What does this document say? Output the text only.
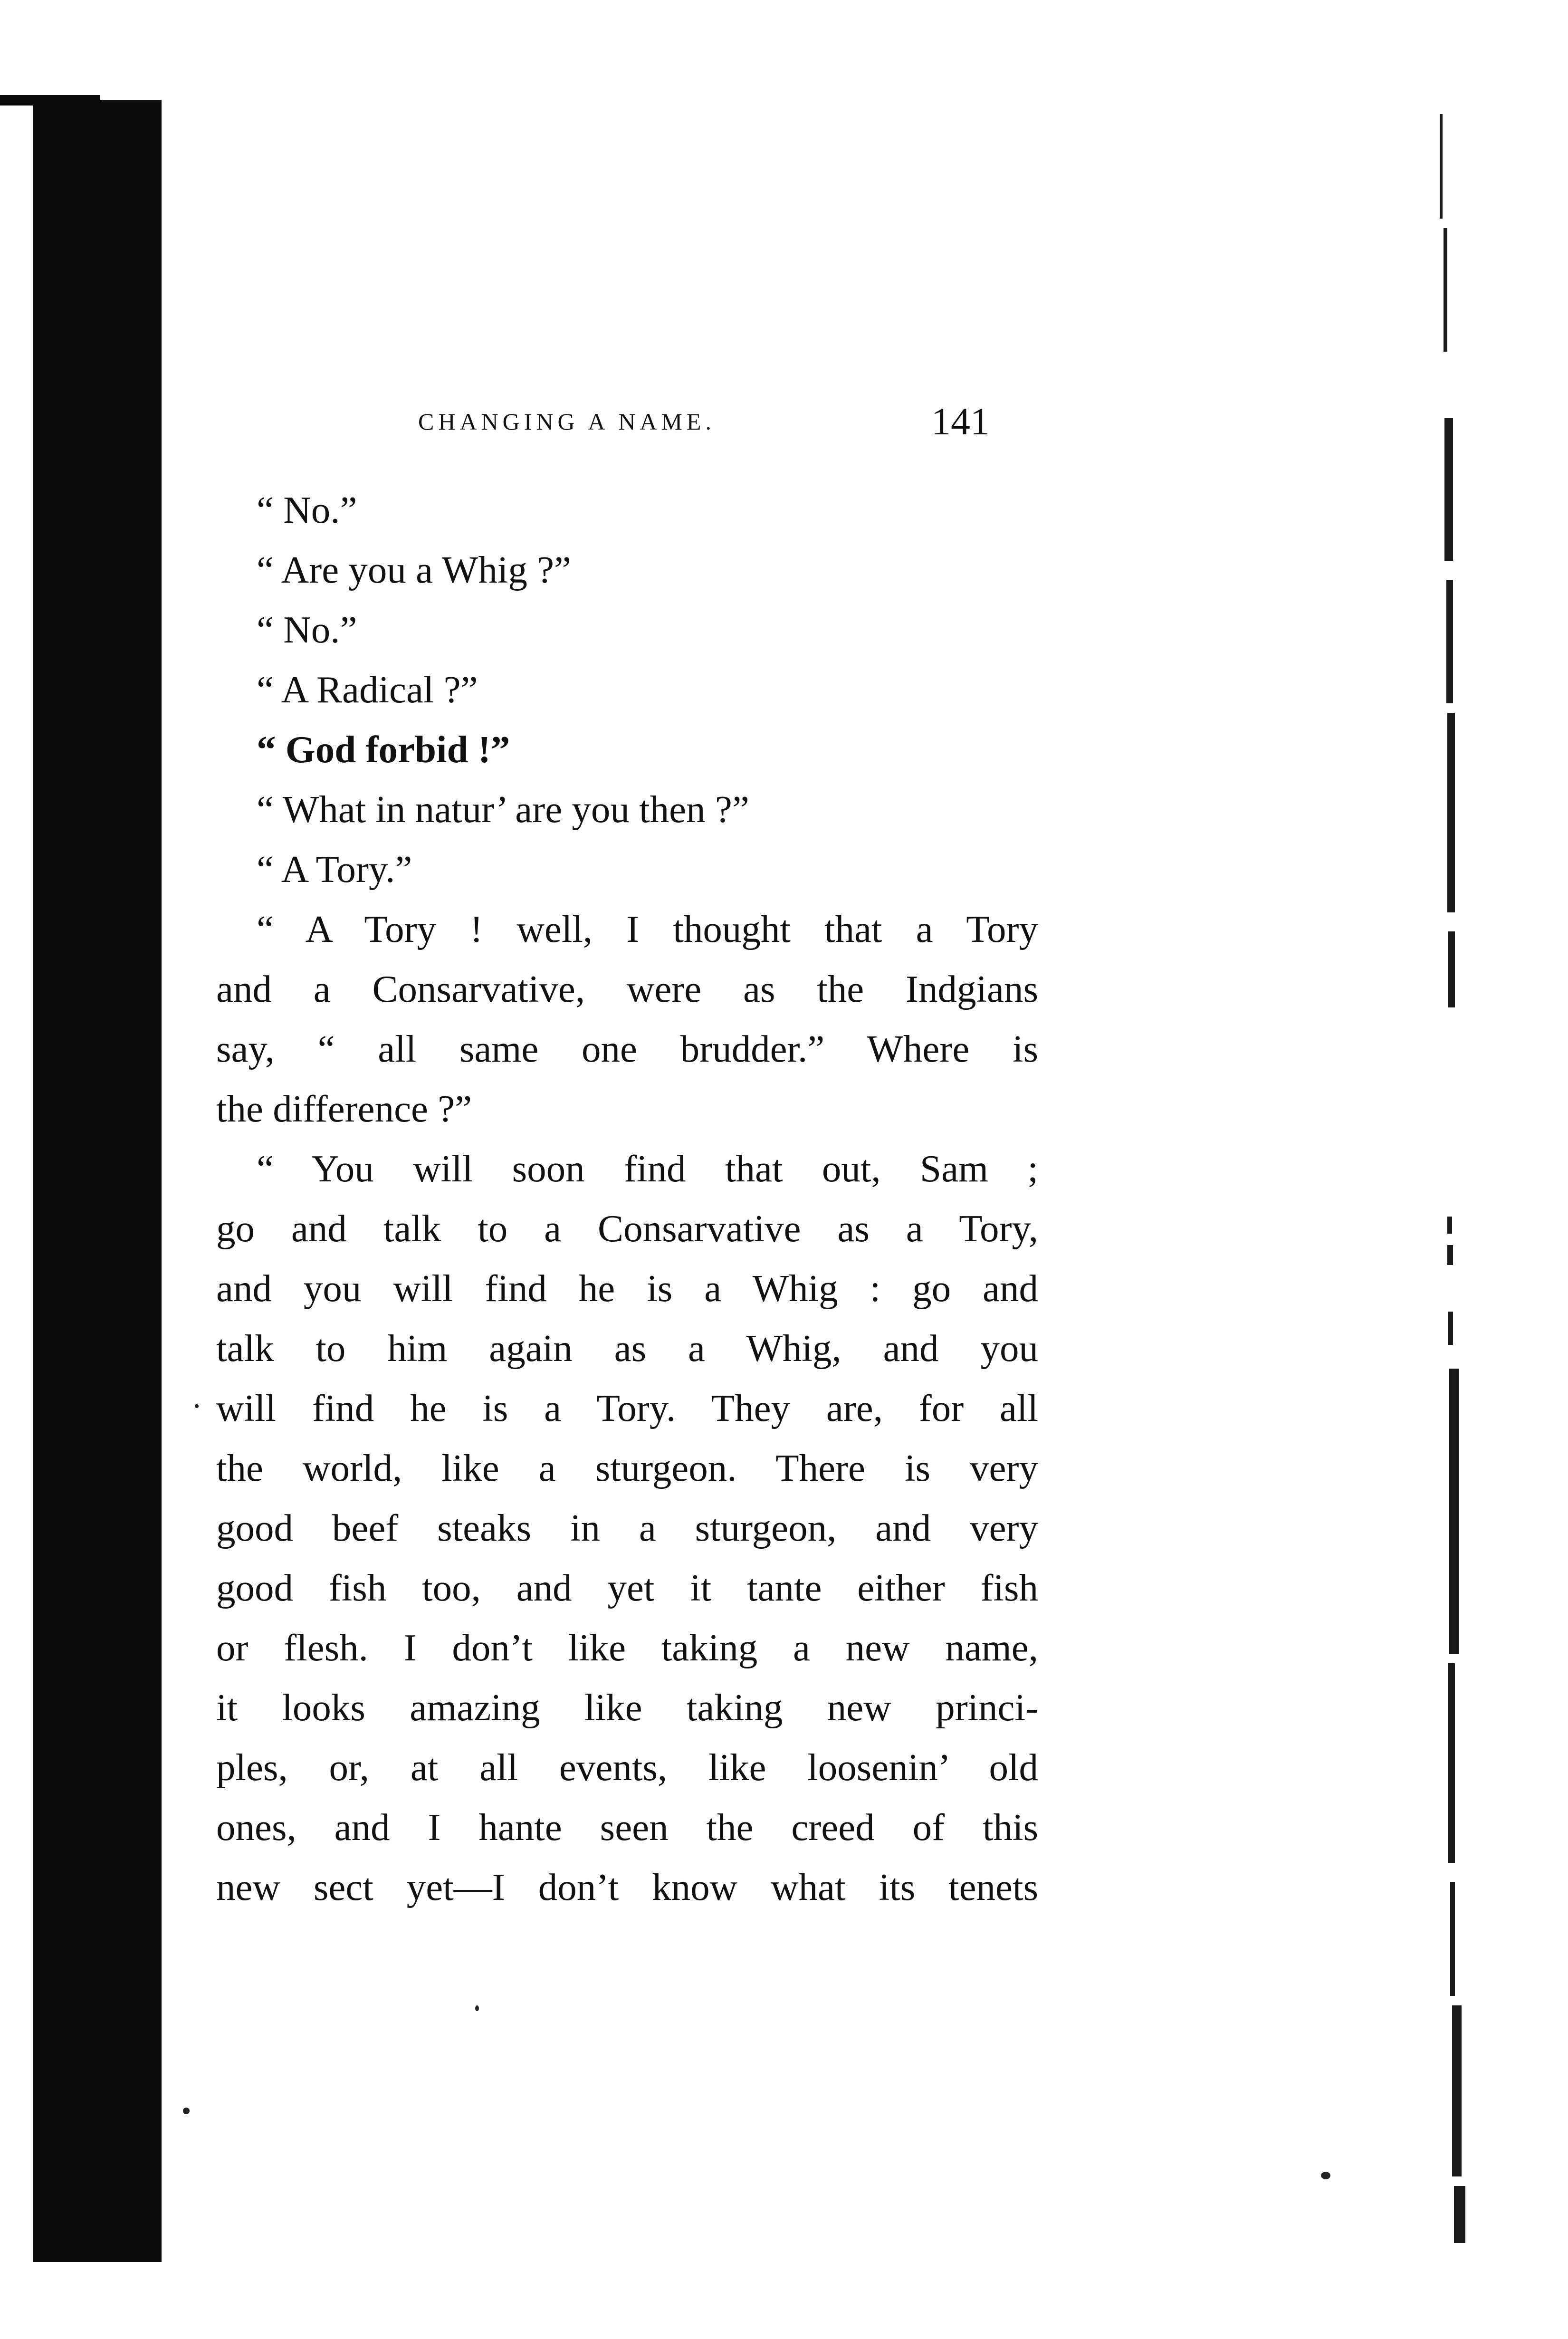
CHANGING A NAME.	141

“ No.”

“ Are you a Whig ?”

“ No.”

“ A Radical ?”

“ God forbid !”

“ What in natur’ are you then ?”

“ A Tory.”

“ A Tory ! well, I thought that a Tory

and a Consarvative, were as the Indgians

say, “ all same one brudder.” Where is

the difference ?”

“ You will soon find that out, Sam ;

go and talk to a Consarvative as a Tory,

and you will find he is a Whig : go and

talk to him again as a Whig, and you

will find he is a Tory. They are, for all

the world, like a sturgeon. There is very

good beef steaks in a sturgeon, and very

good fish too, and yet it tante either fish

or flesh. I don’t like taking a new name,

it looks amazing like taking new princi-

ples, or, at all events, like loosenin’ old

ones, and I hante seen the creed of this

new sect yet—I don’t know what its tenets
